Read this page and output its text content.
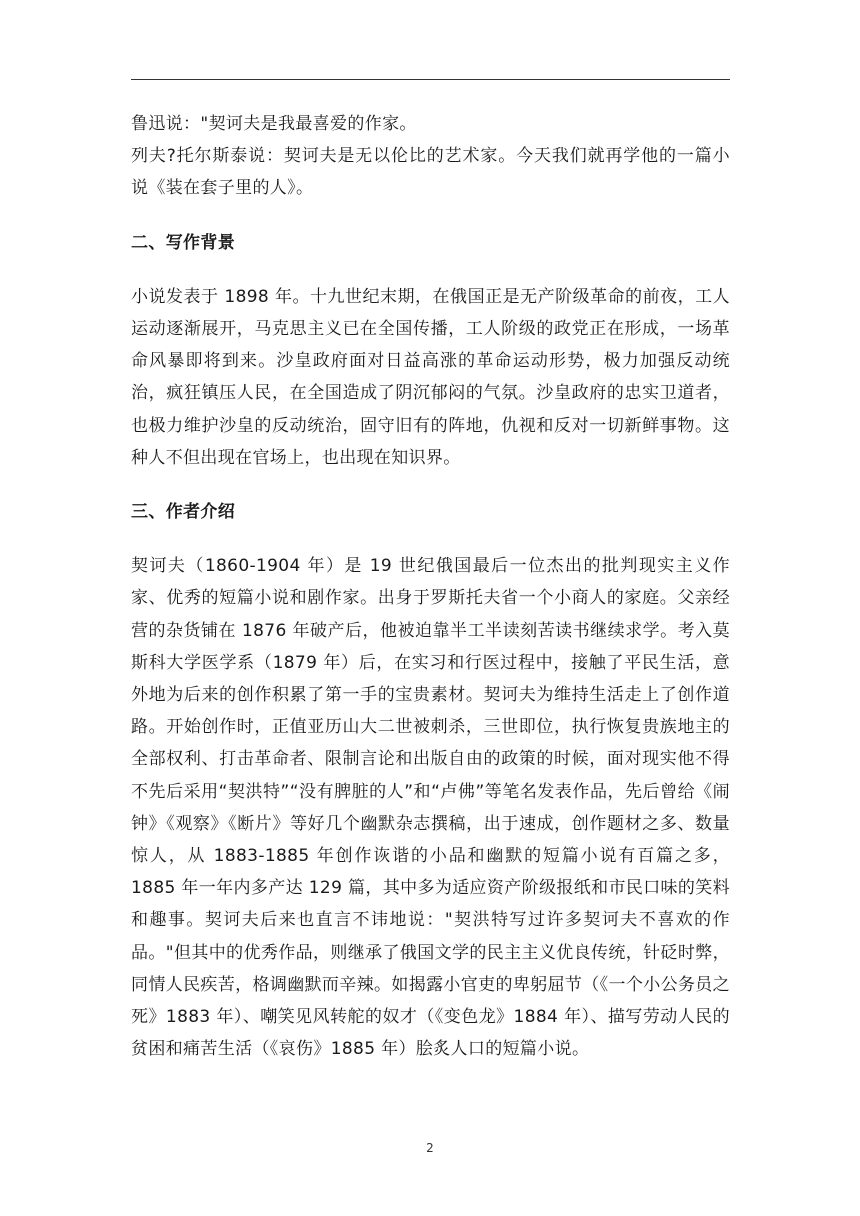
鲁迅说："契诃夫是我最喜爱的作家。

列夫?托尔斯泰说：契诃夫是无以伦比的艺术家。今天我们就再学他的一篇小说《装在套子里的人》。

二、写作背景

小说发表于 1898 年。十九世纪末期，在俄国正是无产阶级革命的前夜，工人运动逐渐展开，马克思主义已在全国传播，工人阶级的政党正在形成，一场革命风暴即将到来。沙皇政府面对日益高涨的革命运动形势，极力加强反动统治，疯狂镇压人民，在全国造成了阴沉郁闷的气氛。沙皇政府的忠实卫道者，也极力维护沙皇的反动统治，固守旧有的阵地，仇视和反对一切新鲜事物。这种人不但出现在官场上，也出现在知识界。

三、作者介绍

契诃夫（1860-1904 年）是 19 世纪俄国最后一位杰出的批判现实主义作家、优秀的短篇小说和剧作家。出身于罗斯托夫省一个小商人的家庭。父亲经营的杂货铺在 1876 年破产后，他被迫靠半工半读刻苦读书继续求学。考入莫斯科大学医学系（1879 年）后，在实习和行医过程中，接触了平民生活，意外地为后来的创作积累了第一手的宝贵素材。契诃夫为维持生活走上了创作道路。开始创作时，正值亚历山大二世被刺杀，三世即位，执行恢复贵族地主的全部权利、打击革命者、限制言论和出版自由的政策的时候，面对现实他不得不先后采用“契洪特”“没有脾脏的人”和“卢佛”等笔名发表作品，先后曾给《闹钟》《观察》《断片》等好几个幽默杂志撰稿，出于速成，创作题材之多、数量惊人，从 1883-1885 年创作诙谐的小品和幽默的短篇小说有百篇之多，1885 年一年内多产达 129 篇，其中多为适应资产阶级报纸和市民口味的笑料和趣事。契诃夫后来也直言不讳地说："契洪特写过许多契诃夫不喜欢的作品。"但其中的优秀作品，则继承了俄国文学的民主主义优良传统，针砭时弊，同情人民疾苦，格调幽默而辛辣。如揭露小官吏的卑躬屈节（《一个小公务员之死》1883 年）、嘲笑见风转舵的奴才（《变色龙》1884 年）、描写劳动人民的贫困和痛苦生活（《哀伤》1885 年）脍炙人口的短篇小说。

2
